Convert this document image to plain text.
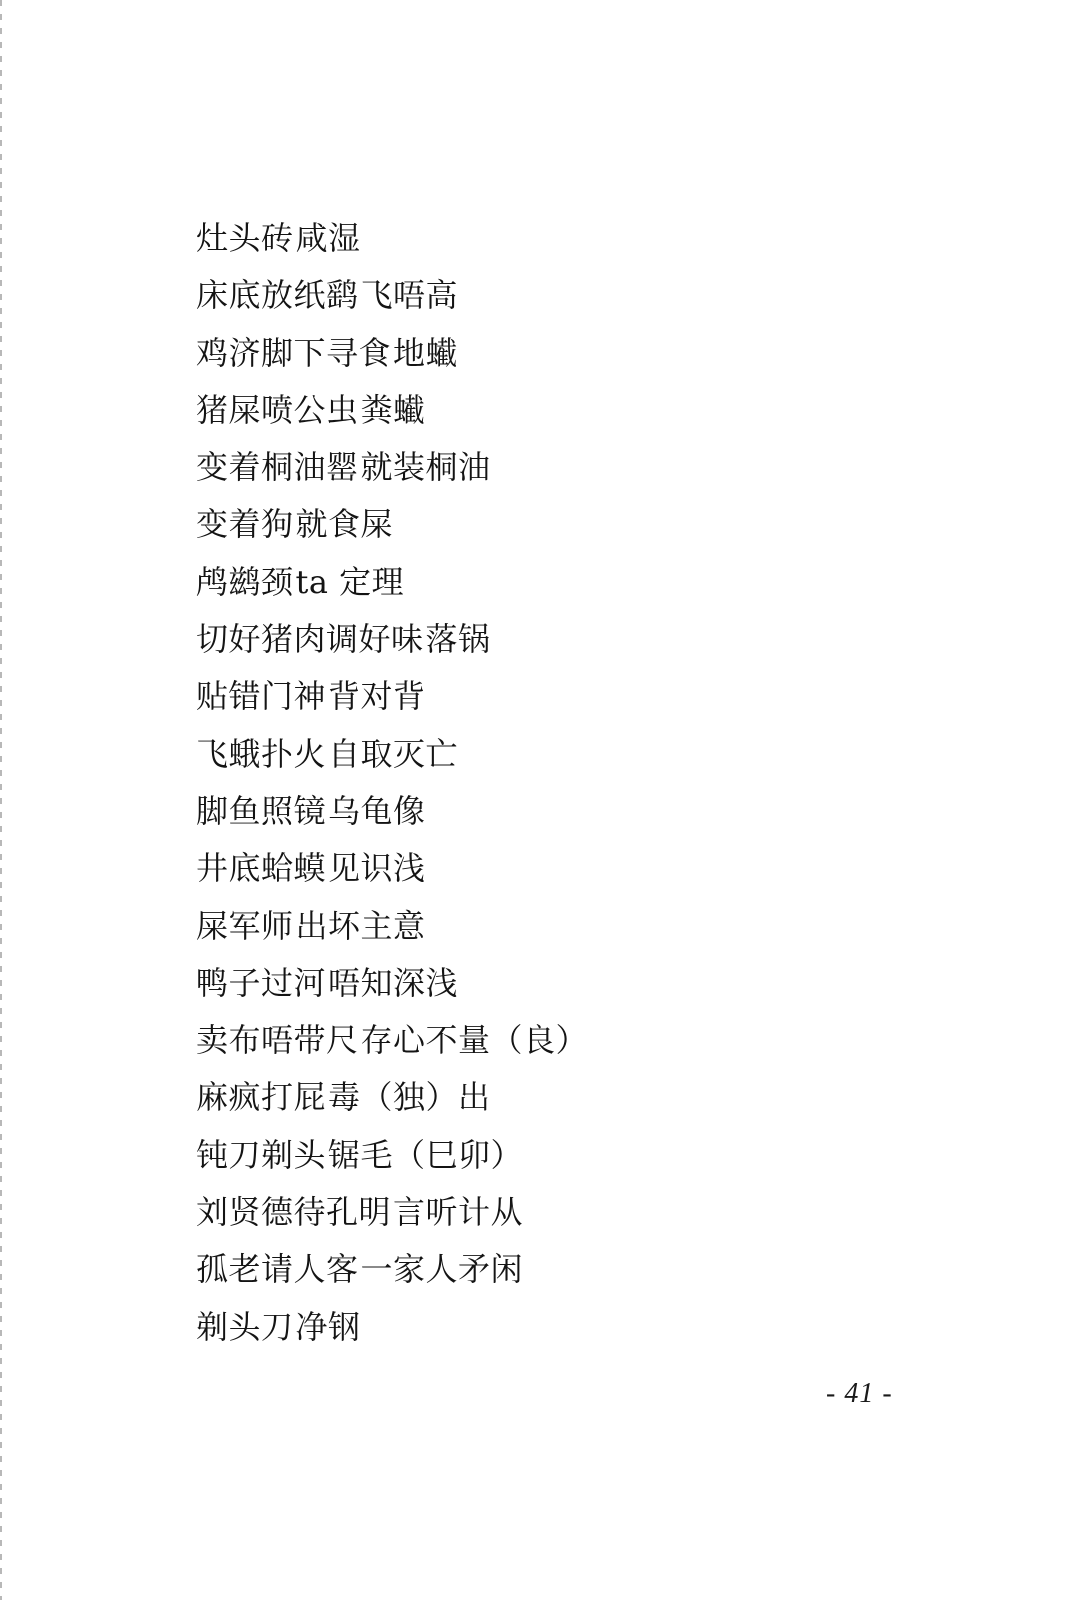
灶头砖咸湿
床底放纸鹞飞唔高
鸡济脚下寻食地蠘
猪屎喷公虫粪蠘
变着桐油罂就装桐油
变着狗就食屎
鸬鹚颈ta 定理
切好猪肉调好味落锅
贴错门神背对背
飞蛾扑火自取灭亡
脚鱼照镜乌龟像
井底蛤蟆见识浅
屎军师出坏主意
鸭子过河唔知深浅
卖布唔带尺存心不量（良）
麻疯打屁毒（独）出
钝刀剃头锯毛（巳卯）
刘贤德待孔明言听计从
孤老请人客一家人矛闲
剃头刀净钢
- 41 -
